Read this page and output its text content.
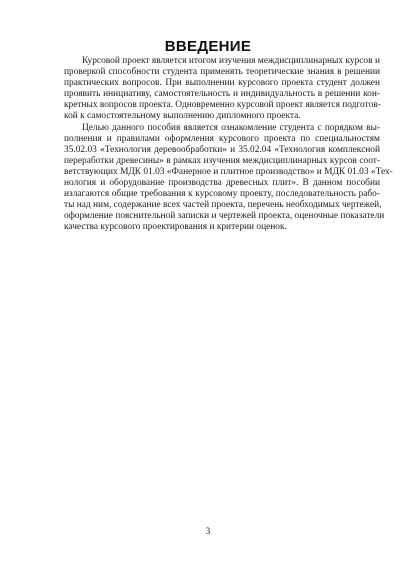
ВВЕДЕНИЕ
Курсовой проект является итогом изучения междисциплинарных курсов и
проверкой способности студента применять теоретические знания в решении
практических вопросов. При выполнении курсового проекта студент должен
проявить инициативу, самостоятельность и индивидуальность в решении кон-
кретных вопросов проекта. Одновременно курсовой проект является подготов-
кой к самостоятельному выполнению дипломного проекта.
Целью данного пособия является ознакомление студента с порядком вы-
полнения и правилами оформления курсового проекта по специальностям
35.02.03 «Технология деревообработки» и 35.02.04 «Технология комплексной
переработки древесины» в рамках изучения междисциплинарных курсов соот-
ветствующих МДК 01.03 «Фанерное и плитное производство» и МДК 01.03 «Тех-
нология и оборудование производства древесных плит». В данном пособии
излагаются общие требования к курсовому проекту, последовательность рабо-
ты над ним, содержание всех частей проекта, перечень необходимых чертежей,
оформление пояснительной записки и чертежей проекта, оценочные показатели
качества курсового проектирования и критерии оценок.
3
